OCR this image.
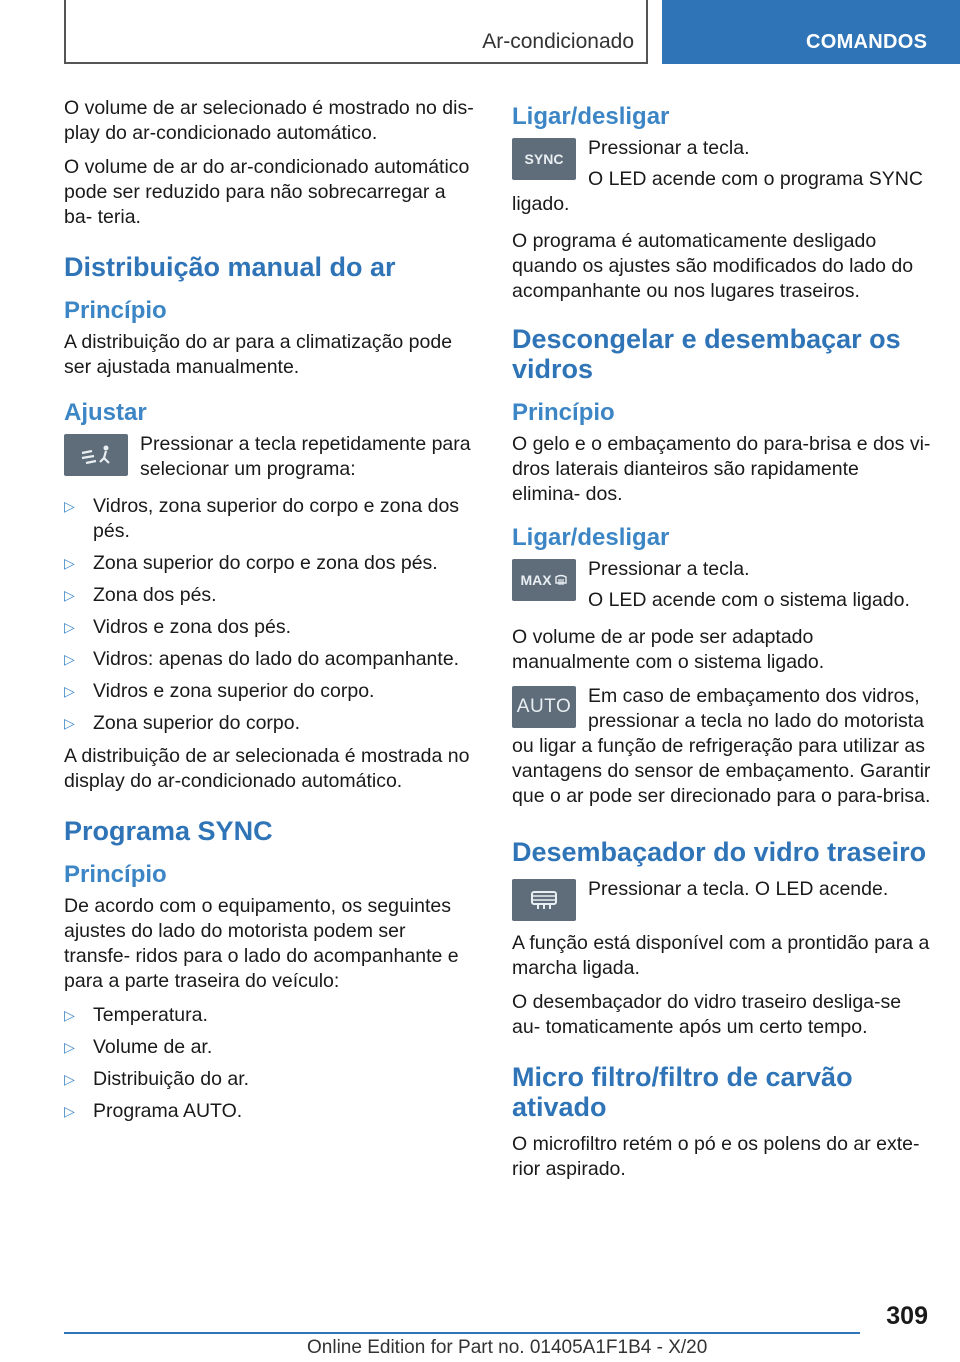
Ar-condicionado	COMANDOS

O volume de ar selecionado é mostrado no dis‐ play do ar-condicionado automático.

O volume de ar do ar-condicionado automático pode ser reduzido para não sobrecarregar a ba‐ teria.

Distribuição manual do ar
Princípio

A distribuição do ar para a climatização pode ser ajustada manualmente.

Ajustar

Pressionar a tecla repetidamente para selecionar um programa:

▷ Vidros, zona superior do corpo e zona dos pés.
▷ Zona superior do corpo e zona dos pés.
▷ Zona dos pés.
▷ Vidros e zona dos pés.
▷ Vidros: apenas do lado do acompanhante.
▷ Vidros e zona superior do corpo.
▷ Zona superior do corpo.

A distribuição de ar selecionada é mostrada no display do ar-condicionado automático.

Programa SYNC
Princípio

De acordo com o equipamento, os seguintes ajustes do lado do motorista podem ser transfe‐ ridos para o lado do acompanhante e para a parte traseira do veículo:

▷ Temperatura.
▷ Volume de ar.
▷ Distribuição do ar.
▷ Programa AUTO.
Ligar/desligar
SYNC	Pressionar a tecla.

O LED acende com o programa SYNC ligado.

O programa é automaticamente desligado quando os ajustes são modificados do lado do acompanhante ou nos lugares traseiros.

Descongelar e desembaçar os vidros
Princípio

O gelo e o embaçamento do para-brisa e dos vi‐ dros laterais dianteiros são rapidamente elimina‐ dos.

Ligar/desligar
MAX	Pressionar a tecla.

O LED acende com o sistema ligado.

O volume de ar pode ser adaptado manualmente com o sistema ligado.

AUTO Em caso de embaçamento dos vidros, pressionar a tecla no lado do motorista ou ligar a função de refrigeração para utilizar as vantagens do sensor de embaçamento. Garantir que o ar pode ser direcionado para o para-brisa.

Desembaçador do vidro traseiro

Pressionar a tecla. O LED acende.

A função está disponível com a prontidão para a marcha ligada.

O desembaçador do vidro traseiro desliga-se au‐ tomaticamente após um certo tempo.

Micro filtro/filtro de carvão ativado

O microfiltro retém o pó e os polens do ar exte‐ rior aspirado.

309
Online Edition for Part no. 01405A1F1B4 - X/20
